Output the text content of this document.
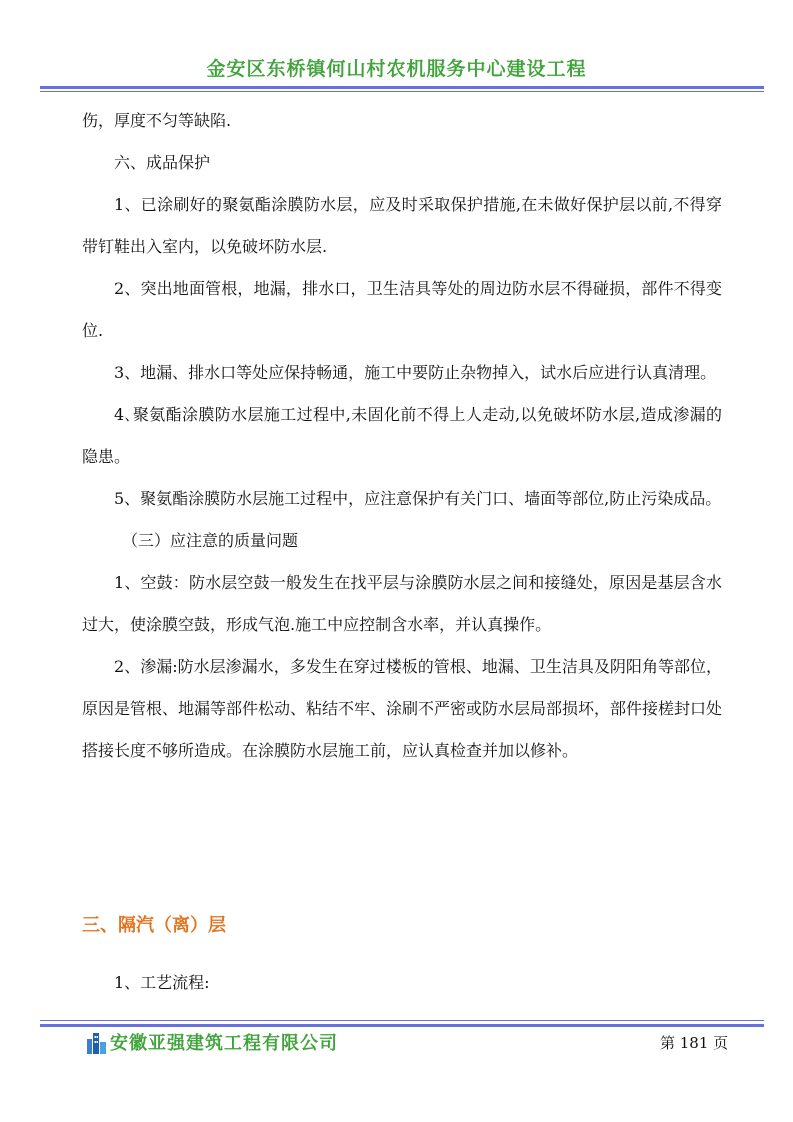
金安区东桥镇何山村农机服务中心建设工程

伤，厚度不匀等缺陷.

六、成品保护

1、已涂刷好的聚氨酯涂膜防水层，应及时采取保护措施,在未做好保护层以前,不得穿带钉鞋出入室内，以免破坏防水层.

2、突出地面管根，地漏，排水口，卫生洁具等处的周边防水层不得碰损，部件不得变位.

3、地漏、排水口等处应保持畅通，施工中要防止杂物掉入，试水后应进行认真清理。

4､聚氨酯涂膜防水层施工过程中,未固化前不得上人走动,以免破坏防水层,造成渗漏的隐患。

5、聚氨酯涂膜防水层施工过程中，应注意保护有关门口、墙面等部位,防止污染成品。

（三）应注意的质量问题

1、空鼓：防水层空鼓一般发生在找平层与涂膜防水层之间和接缝处，原因是基层含水过大，使涂膜空鼓，形成气泡.施工中应控制含水率，并认真操作。

2、渗漏:防水层渗漏水，多发生在穿过楼板的管根、地漏、卫生洁具及阴阳角等部位，原因是管根、地漏等部件松动、粘结不牢、涂刷不严密或防水层局部损坏，部件接槎封口处搭接长度不够所造成。在涂膜防水层施工前，应认真检查并加以修补。

三、隔汽（离）层
1、工艺流程:
安徽亚强建筑工程有限公司	第 181 页
